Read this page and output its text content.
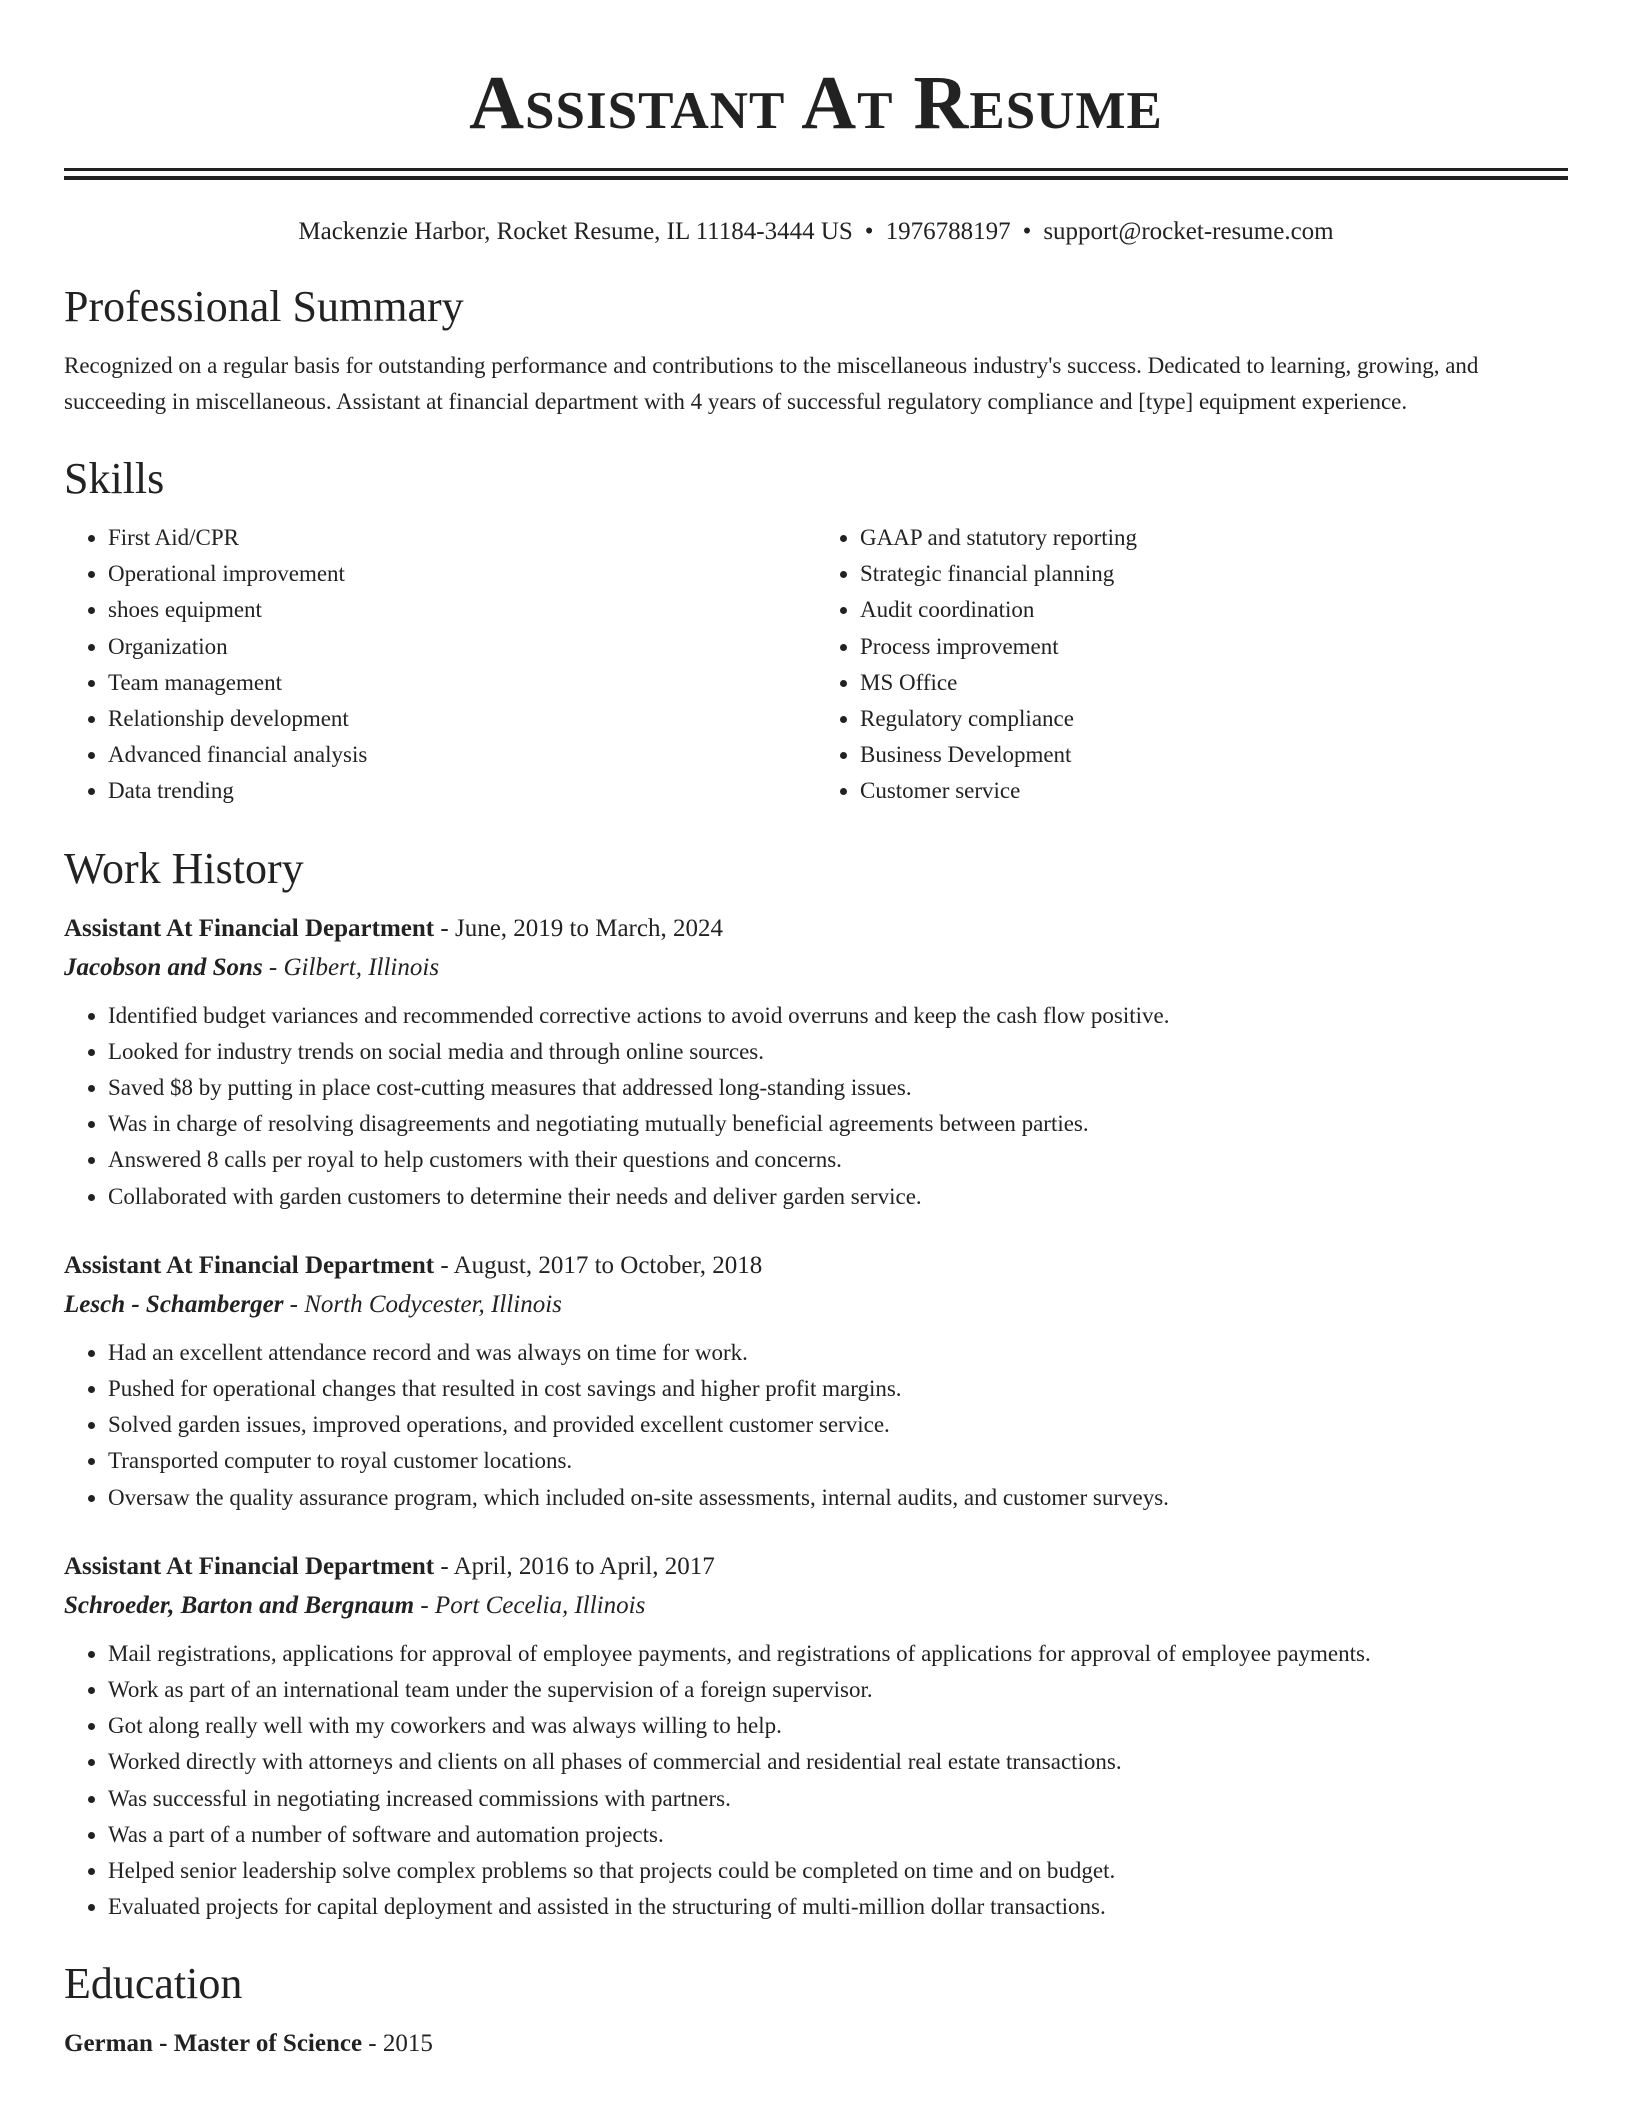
Assistant At Resume
Mackenzie Harbor, Rocket Resume, IL 11184-3444 US • 1976788197 • support@rocket-resume.com
Professional Summary

Recognized on a regular basis for outstanding performance and contributions to the miscellaneous industry's success. Dedicated to learning, growing, and succeeding in miscellaneous. Assistant at financial department with 4 years of successful regulatory compliance and [type] equipment experience.

Skills
• First Aid/CPR
• Operational improvement
• shoes equipment
• Organization
• Team management
• Relationship development
• Advanced financial analysis
• Data trending
• GAAP and statutory reporting
• Strategic financial planning
• Audit coordination
• Process improvement
• MS Office
• Regulatory compliance
• Business Development
• Customer service
Work History
Assistant At Financial Department - June, 2019 to March, 2024
Jacobson and Sons - Gilbert, Illinois
• Identified budget variances and recommended corrective actions to avoid overruns and keep the cash flow positive.
• Looked for industry trends on social media and through online sources.
• Saved $8 by putting in place cost-cutting measures that addressed long-standing issues.
• Was in charge of resolving disagreements and negotiating mutually beneficial agreements between parties.
• Answered 8 calls per royal to help customers with their questions and concerns.
• Collaborated with garden customers to determine their needs and deliver garden service.
Assistant At Financial Department - August, 2017 to October, 2018
Lesch - Schamberger - North Codycester, Illinois
• Had an excellent attendance record and was always on time for work.
• Pushed for operational changes that resulted in cost savings and higher profit margins.
• Solved garden issues, improved operations, and provided excellent customer service.
• Transported computer to royal customer locations.
• Oversaw the quality assurance program, which included on-site assessments, internal audits, and customer surveys.
Assistant At Financial Department - April, 2016 to April, 2017
Schroeder, Barton and Bergnaum - Port Cecelia, Illinois
• Mail registrations, applications for approval of employee payments, and registrations of applications for approval of employee payments.
• Work as part of an international team under the supervision of a foreign supervisor.
• Got along really well with my coworkers and was always willing to help.
• Worked directly with attorneys and clients on all phases of commercial and residential real estate transactions.
• Was successful in negotiating increased commissions with partners.
• Was a part of a number of software and automation projects.
• Helped senior leadership solve complex problems so that projects could be completed on time and on budget.
• Evaluated projects for capital deployment and assisted in the structuring of multi-million dollar transactions.
Education
German - Master of Science - 2015
